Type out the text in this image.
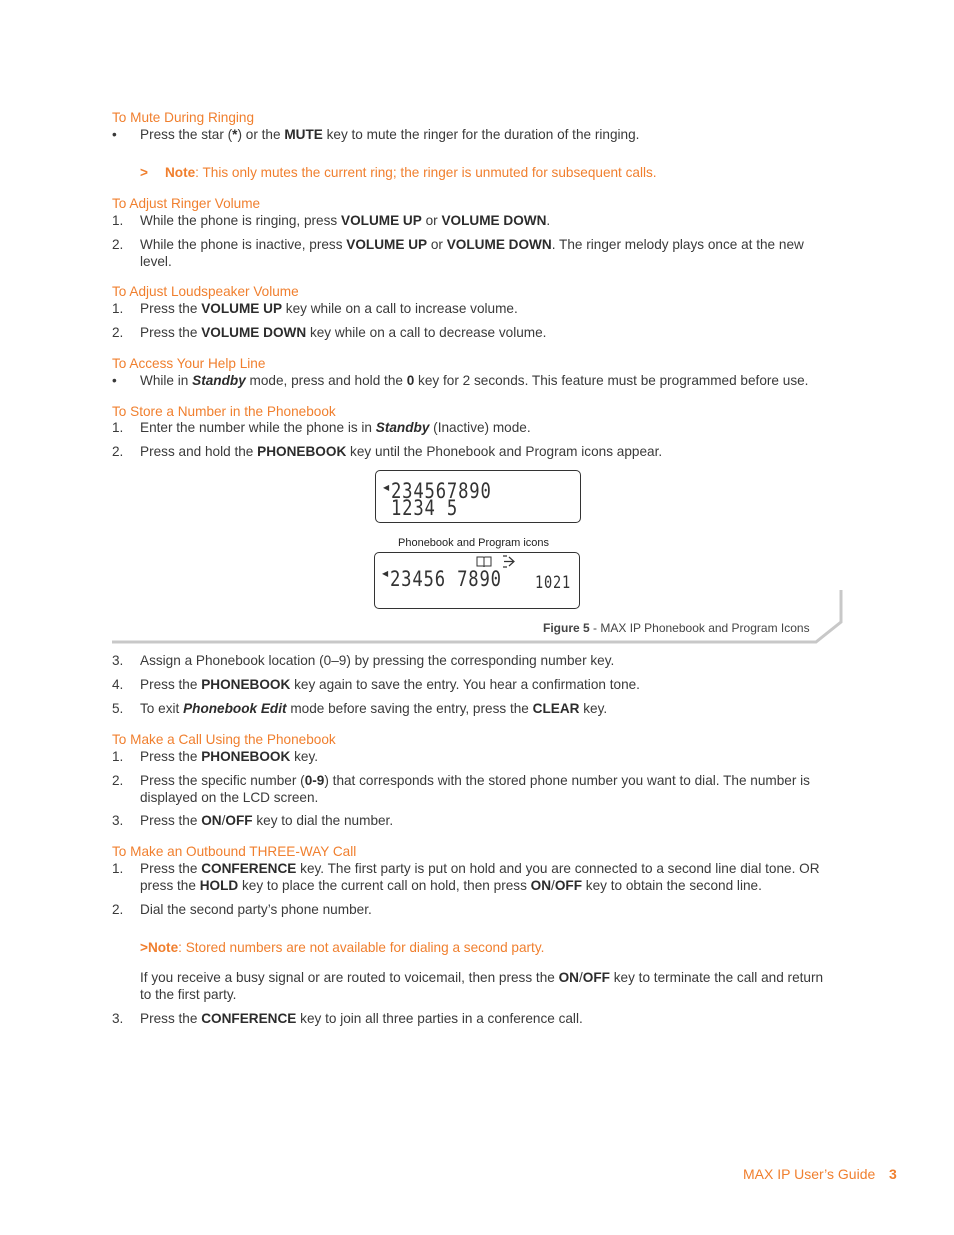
To Mute During Ringing
•	Press the star (*) or the MUTE key to mute the ringer for the duration of the ringing.
> Note: This only mutes the current ring; the ringer is unmuted for subsequent calls.
To Adjust Ringer Volume
1.	While the phone is ringing, press VOLUME UP or VOLUME DOWN.
2.	While the phone is inactive, press VOLUME UP or VOLUME DOWN. The ringer melody plays once at the new level.
To Adjust Loudspeaker Volume
1.	Press the VOLUME UP key while on a call to increase volume.
2.	Press the VOLUME DOWN key while on a call to decrease volume.
To Access Your Help Line
•	While in Standby mode, press and hold the 0 key for 2 seconds. This feature must be programmed before use.
To Store a Number in the Phonebook
1.	Enter the number while the phone is in Standby (Inactive) mode.
2.	Press and hold the PHONEBOOK key until the Phonebook and Program icons appear.
◀ 234567890 1234 5
Phonebook and Program icons
◀ 23456 7890 1021
Figure 5 - MAX IP Phonebook and Program Icons
3.	Assign a Phonebook location (0–9) by pressing the corresponding number key.
4.	Press the PHONEBOOK key again to save the entry. You hear a confirmation tone.
5.	To exit Phonebook Edit mode before saving the entry, press the CLEAR key.
To Make a Call Using the Phonebook
1.	Press the PHONEBOOK key.
2.	Press the specific number (0-9) that corresponds with the stored phone number you want to dial. The number is displayed on the LCD screen.
3.	Press the ON/OFF key to dial the number.
To Make an Outbound THREE-WAY Call
1.	Press the CONFERENCE key. The first party is put on hold and you are connected to a second line dial tone. OR press the HOLD key to place the current call on hold, then press ON/OFF key to obtain the second line.
2.	Dial the second party’s phone number.
>Note: Stored numbers are not available for dialing a second party.
If you receive a busy signal or are routed to voicemail, then press the ON/OFF key to terminate the call and return to the first party.
3.	Press the CONFERENCE key to join all three parties in a conference call.
MAX IP User’s Guide 3
